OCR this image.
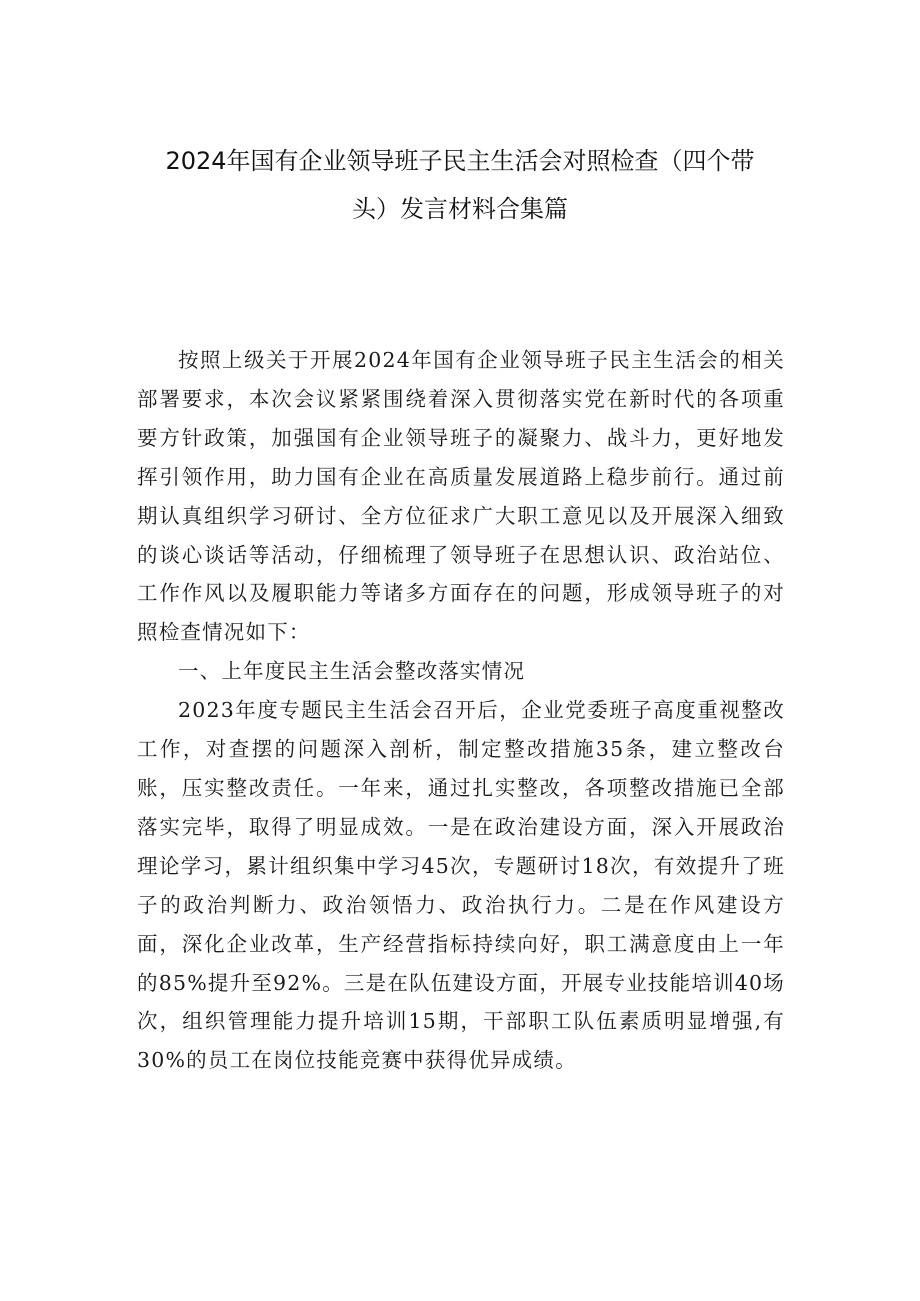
2024年国有企业领导班子民主生活会对照检查（四个带
头）发言材料合集篇

按照上级关于开展2024年国有企业领导班子民主生活会的相关部署要求，本次会议紧紧围绕着深入贯彻落实党在新时代的各项重要方针政策，加强国有企业领导班子的凝聚力、战斗力，更好地发挥引领作用，助力国有企业在高质量发展道路上稳步前行。通过前期认真组织学习研讨、全方位征求广大职工意见以及开展深入细致的谈心谈话等活动，仔细梳理了领导班子在思想认识、政治站位、工作作风以及履职能力等诸多方面存在的问题，形成领导班子的对照检查情况如下：

一、上年度民主生活会整改落实情况

2023年度专题民主生活会召开后，企业党委班子高度重视整改工作，对查摆的问题深入剖析，制定整改措施35条，建立整改台账，压实整改责任。一年来，通过扎实整改，各项整改措施已全部落实完毕，取得了明显成效。一是在政治建设方面，深入开展政治理论学习，累计组织集中学习45次，专题研讨18次，有效提升了班子的政治判断力、政治领悟力、政治执行力。二是在作风建设方面，深化企业改革，生产经营指标持续向好，职工满意度由上一年的85%提升至92%。三是在队伍建设方面，开展专业技能培训40场次，组织管理能力提升培训15期，干部职工队伍素质明显增强,有30%的员工在岗位技能竞赛中获得优异成绩。
